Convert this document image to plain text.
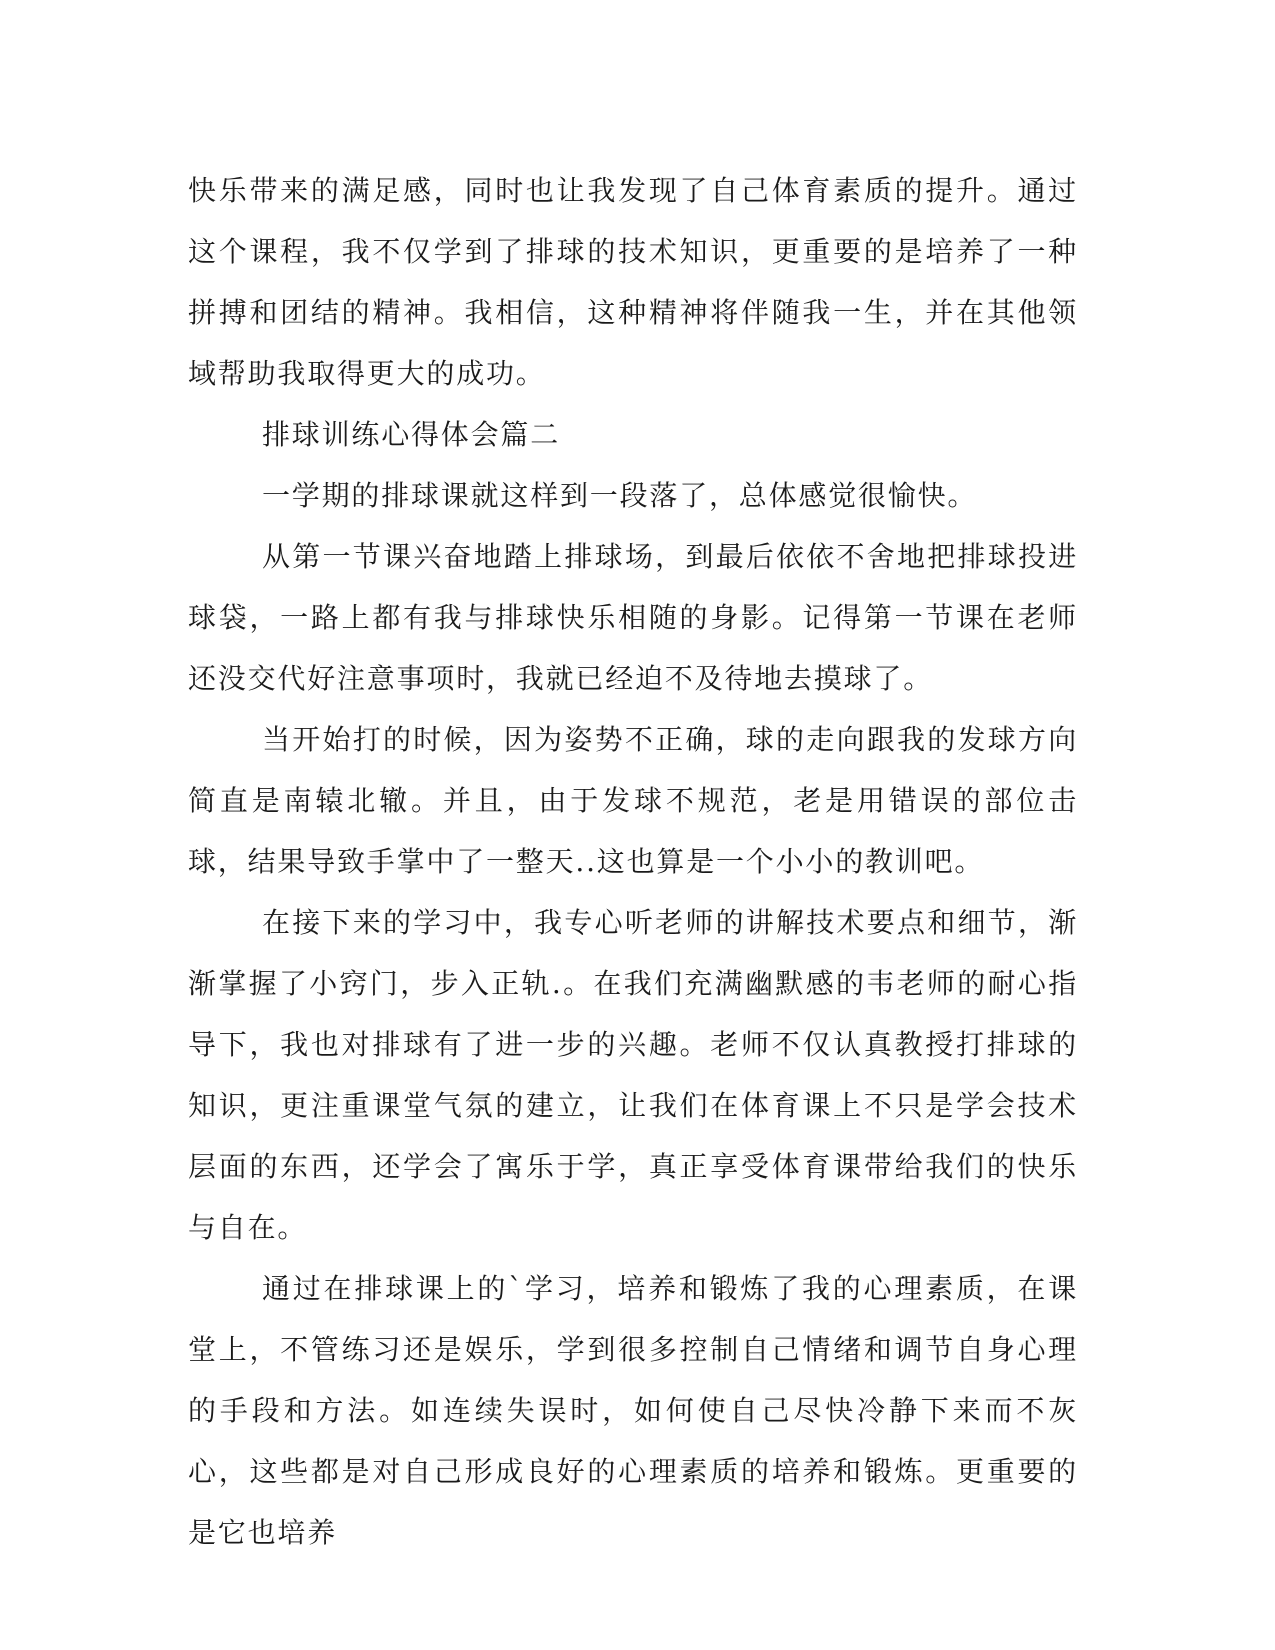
快乐带来的满足感，同时也让我发现了自己体育素质的提升。通过这个课程，我不仅学到了排球的技术知识，更重要的是培养了一种拼搏和团结的精神。我相信，这种精神将伴随我一生，并在其他领域帮助我取得更大的成功。

排球训练心得体会篇二

一学期的排球课就这样到一段落了，总体感觉很愉快。

从第一节课兴奋地踏上排球场，到最后依依不舍地把排球投进球袋，一路上都有我与排球快乐相随的身影。记得第一节课在老师还没交代好注意事项时，我就已经迫不及待地去摸球了。

当开始打的时候，因为姿势不正确，球的走向跟我的发球方向简直是南辕北辙。并且，由于发球不规范，老是用错误的部位击球，结果导致手掌中了一整天..这也算是一个小小的教训吧。

在接下来的学习中，我专心听老师的讲解技术要点和细节，渐渐掌握了小窍门，步入正轨.。在我们充满幽默感的韦老师的耐心指导下，我也对排球有了进一步的兴趣。老师不仅认真教授打排球的知识，更注重课堂气氛的建立，让我们在体育课上不只是学会技术层面的东西，还学会了寓乐于学，真正享受体育课带给我们的快乐与自在。

通过在排球课上的`学习，培养和锻炼了我的心理素质，在课堂上，不管练习还是娱乐，学到很多控制自己情绪和调节自身心理的手段和方法。如连续失误时，如何使自己尽快冷静下来而不灰心，这些都是对自己形成良好的心理素质的培养和锻炼。更重要的是它也培养
